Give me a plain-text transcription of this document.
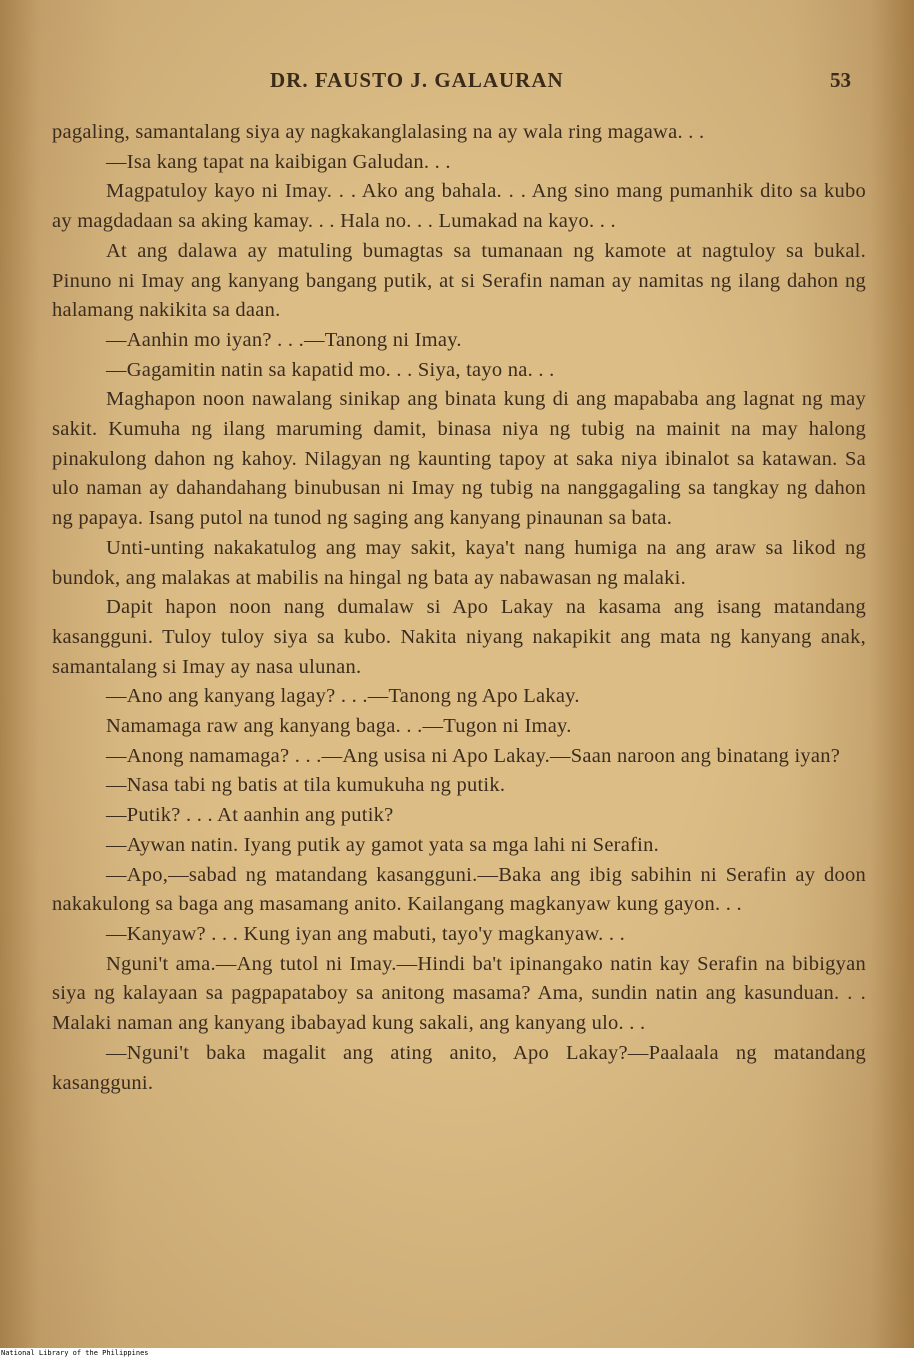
DR. FAUSTO J. GALAURAN	53

pagaling, samantalang siya ay nagkakanglalasing na ay wala ring magawa. . .

—Isa kang tapat na kaibigan Galudan. . .

Magpatuloy kayo ni Imay. . . Ako ang bahala. . . Ang sino mang pumanhik dito sa kubo ay magdadaan sa aking kamay. . . Hala no. . . Lumakad na kayo. . .

At ang dalawa ay matuling bumagtas sa tumanaan ng kamote at nagtuloy sa bukal. Pinuno ni Imay ang kanyang bangang putik, at si Serafin naman ay namitas ng ilang dahon ng halamang nakikita sa daan.

—Aanhin mo iyan? . . .—Tanong ni Imay.

—Gagamitin natin sa kapatid mo. . . Siya, tayo na. . .

Maghapon noon nawalang sinikap ang binata kung di ang mapababa ang lagnat ng may sakit. Kumuha ng ilang maruming damit, binasa niya ng tubig na mainit na may halong pinakulong dahon ng kahoy. Nilagyan ng kaunting tapoy at saka niya ibinalot sa katawan. Sa ulo naman ay dahandahang binubusan ni Imay ng tubig na nanggagaling sa tangkay ng dahon ng papaya. Isang putol na tunod ng saging ang kanyang pinaunan sa bata.

Unti-unting nakakatulog ang may sakit, kaya't nang humiga na ang araw sa likod ng bundok, ang malakas at mabilis na hingal ng bata ay nabawasan ng malaki.

Dapit hapon noon nang dumalaw si Apo Lakay na kasama ang isang matandang kasangguni. Tuloy tuloy siya sa kubo. Nakita niyang nakapikit ang mata ng kanyang anak, samantalang si Imay ay nasa ulunan.

—Ano ang kanyang lagay? . . .—Tanong ng Apo Lakay.

Namamaga raw ang kanyang baga. . .—Tugon ni Imay.

—Anong namamaga? . . .—Ang usisa ni Apo Lakay.—Saan naroon ang binatang iyan?

—Nasa tabi ng batis at tila kumukuha ng putik.

—Putik? . . . At aanhin ang putik?

—Aywan natin. Iyang putik ay gamot yata sa mga lahi ni Serafin.

—Apo,—sabad ng matandang kasangguni.—Baka ang ibig sabihin ni Serafin ay doon nakakulong sa baga ang masamang anito. Kailangang magkanyaw kung gayon. . .

—Kanyaw? . . . Kung iyan ang mabuti, tayo'y magkanyaw. . .

Nguni't ama.—Ang tutol ni Imay.—Hindi ba't ipinangako natin kay Serafin na bibigyan siya ng kalayaan sa pagpapataboy sa anitong masama? Ama, sundin natin ang kasunduan. . . Malaki naman ang kanyang ibabayad kung sakali, ang kanyang ulo. . .

—Nguni't baka magalit ang ating anito, Apo Lakay?—Paalaala ng matandang kasangguni.

National Library of the Philippines
